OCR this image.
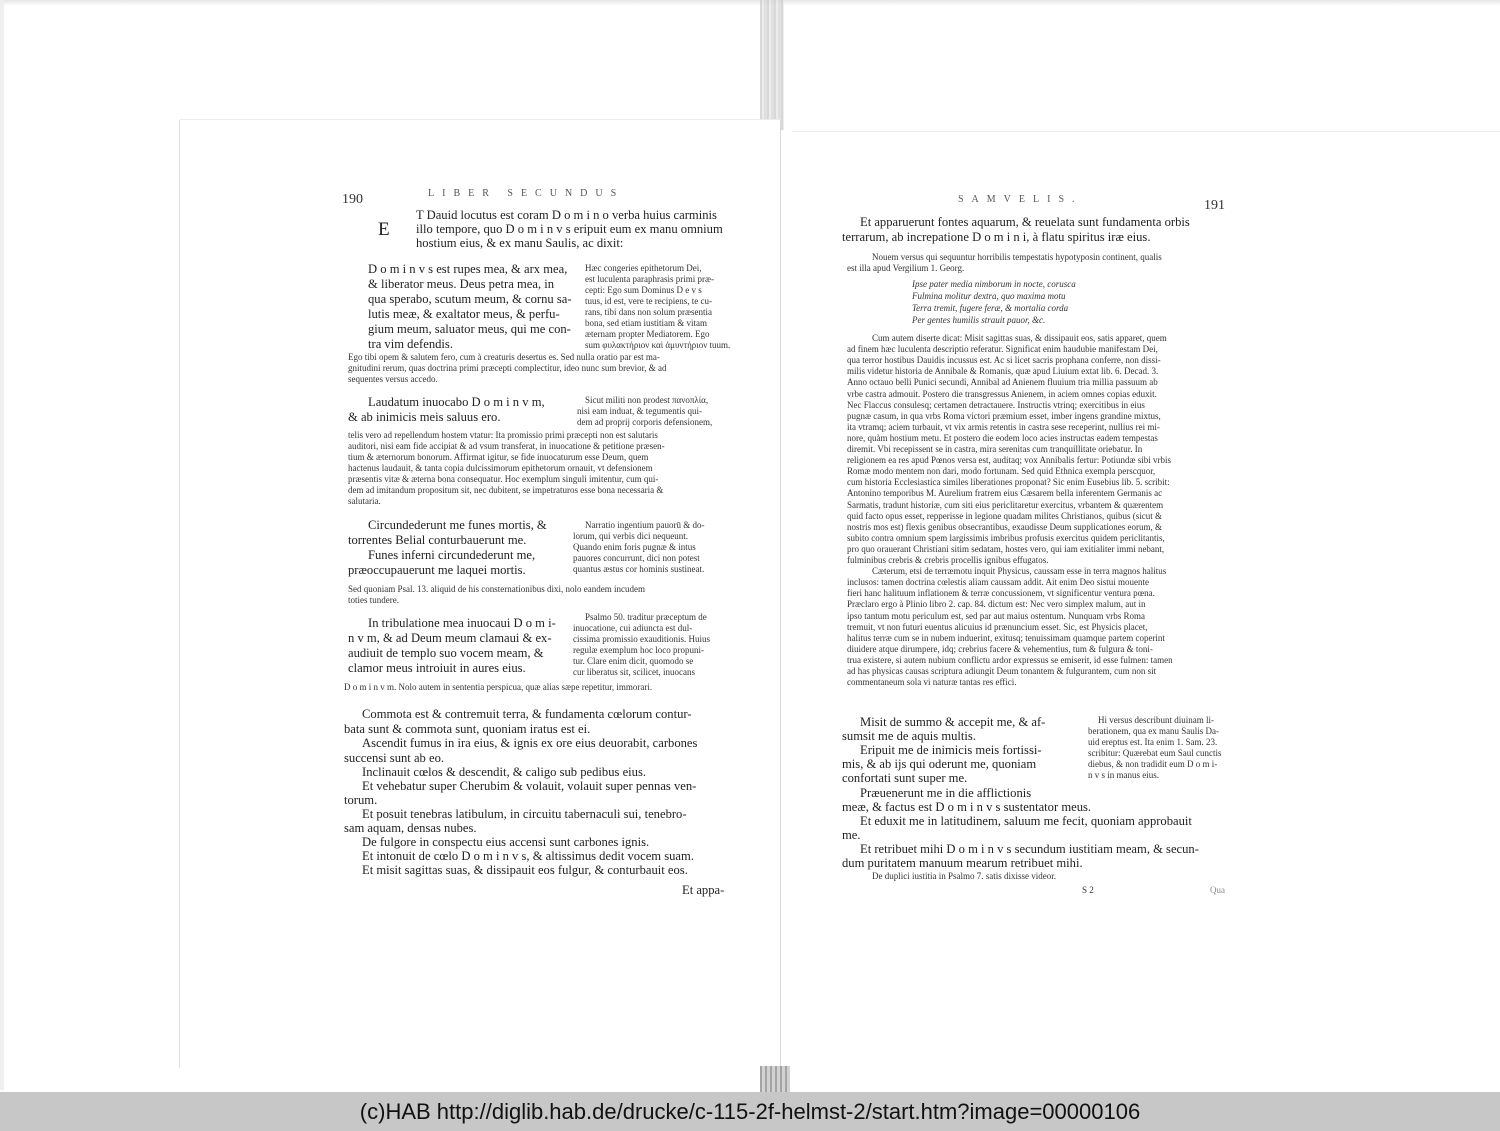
190	LIBER SECUNDUS
E
T Dauid locutus est coram D o m i n o verba huius carminis
illo tempore, quo D o m i n v s eripuit eum ex manu omnium
hostium eius, & ex manu Saulis, ac dixit:
D o m i n v s est rupes mea, & arx mea,
& liberator meus. Deus petra mea, in
qua sperabo, scutum meum, & cornu sa-
lutis meæ, & exaltator meus, & perfu-
gium meum, saluator meus, qui me con-
tra vim defendis.
Hæc congeries epithetorum Dei,
est luculenta paraphrasis primi præ-
cepti: Ego sum Dominus D e v s
tuus, id est, vere te recipiens, te cu-
rans, tibi dans non solum præsentia
bona, sed etiam iustitiam & vitam
æternam propter Mediatorem. Ego
sum φυλακτήριον καὶ ἀμυντήριον tuum.
Ego tibi opem & salutem fero, cum à creaturis desertus es. Sed nulla oratio par est ma-
gnitudini rerum, quas doctrina primi præcepti complectitur, ideo nunc sum brevior, & ad
sequentes versus accedo.
Laudatum inuocabo D o m i n v m,
& ab inimicis meis saluus ero.
Sicut militi non prodest πανοπλία,
nisi eam induat, & tegumentis qui-
dem ad proprij corporis defensionem,
telis vero ad repellendum hostem vtatur: Ita promissio primi præcepti non est salutaris
auditori, nisi eam fide accipiat & ad vsum transferat, in inuocatione & petitione præsen-
tium & æternorum bonorum. Affirmat igitur, se fide inuocaturum esse Deum, quem
hactenus laudauit, & tanta copia dulcissimorum epithetorum ornauit, vt defensionem
præsentis vitæ & æterna bona consequatur. Hoc exemplum singuli imitentur, cum qui-
dem ad imitandum propositum sit, nec dubitent, se impetraturos esse bona necessaria &
salutaria.
Circundederunt me funes mortis, &
torrentes Belial conturbauerunt me.
Funes inferni circundederunt me,
præoccupauerunt me laquei mortis.
Narratio ingentium pauorū & do-
lorum, qui verbis dici nequeunt.
Quando enim foris pugnæ & intus
pauores concurrunt, dici non potest
quantus æstus cor hominis sustineat.
Sed quoniam Psal. 13. aliquid de his consternationibus dixi, nolo eandem incudem
toties tundere.
In tribulatione mea inuocaui D o m i-
n v m, & ad Deum meum clamaui & ex-
audiuit de templo suo vocem meam, &
clamor meus introiuit in aures eius.
Psalmo 50. traditur præceptum de
inuocatione, cui adiuncta est dul-
cissima promissio exauditionis. Huius
regulæ exemplum hoc loco propuni-
tur. Clare enim dicit, quomodo se
cur liberatus sit, scilicet, inuocans
D o m i n v m. Nolo autem in sententia perspicua, quæ alias sæpe repetitur, immorari.
Commota est & contremuit terra, & fundamenta cœlorum contur-
bata sunt & commota sunt, quoniam iratus est ei.
Ascendit fumus in ira eius, & ignis ex ore eius deuorabit, carbones
succensi sunt ab eo.
Inclinauit cœlos & descendit, & caligo sub pedibus eius.
Et vehebatur super Cherubim & volauit, volauit super pennas ven-
torum.
Et posuit tenebras latibulum, in circuitu tabernaculi sui, tenebro-
sam aquam, densas nubes.
De fulgore in conspectu eius accensi sunt carbones ignis.
Et intonuit de cœlo D o m i n v s, & altissimus dedit vocem suam.
Et misit sagittas suas, & dissipauit eos fulgur, & conturbauit eos.
Et appa-
SAMVELIS.	191
Et apparuerunt fontes aquarum, & reuelata sunt fundamenta orbis
terrarum, ab increpatione D o m i n i, à flatu spiritus iræ eius.
Nouem versus qui sequuntur horribilis tempestatis hypotyposin continent, qualis
est illa apud Vergilium 1. Georg.
Ipse pater media nimborum in nocte, corusca
Fulmina molitur dextra, quo maxima motu
Terra tremit, fugere feræ, & mortalia corda
Per gentes humilis strauit pauor, &c.
Cum autem diserte dicat: Misit sagittas suas, & dissipauit eos, satis apparet, quem
ad finem hæc luculenta descriptio referatur. Significat enim haudubie manifestam Dei,
qua terror hostibus Dauidis incussus est. Ac si licet sacris prophana conferre, non dissi-
milis videtur historia de Annibale & Romanis, quæ apud Liuium extat lib. 6. Decad. 3.
Anno octauo belli Punici secundi, Annibal ad Anienem fluuium tria millia passuum ab
vrbe castra admouit. Postero die transgressus Anienem, in aciem omnes copias eduxit.
Nec Flaccus consulesq; certamen detractauere. Instructis vtrinq; exercitibus in eius
pugnæ casum, in qua vrbs Roma victori præmium esset, imber ingens grandine mixtus,
ita vtramq; aciem turbauit, vt vix armis retentis in castra sese receperint, nullius rei mi-
nore, quàm hostium metu. Et postero die eodem loco acies instructas eadem tempestas
diremit. Vbi recepissent se in castra, mira serenitas cum tranquillitate oriebatur. In
religionem ea res apud Pœnos versa est, auditaq; vox Annibalis fertur: Potiundæ sibi vrbis
Romæ modo mentem non dari, modo fortunam. Sed quid Ethnica exempla perscquor,
cum historia Ecclesiastica similes liberationes proponat? Sic enim Eusebius lib. 5. scribit:
Antonino temporibus M. Aurelium fratrem eius Cæsarem bella inferentem Germanis ac
Sarmatis, tradunt historiæ, cum siti eius periclitaretur exercitus, vrbantem & quærentem
quid facto opus esset, repperisse in legione quadam milites Christianos, quibus (sicut &
nostris mos est) flexis genibus obsecrantibus, exaudisse Deum supplicationes eorum, &
subito contra omnium spem largissimis imbribus profusis exercitus quidem periclitantis,
pro quo orauerant Christiani sitim sedatam, hostes vero, qui iam exitialiter immi nebant,
fulminibus crebris & crebris procellis ignibus effugatos.
Cæterum, etsi de terræmotu inquit Physicus, caussam esse in terra magnos halitus
inclusos: tamen doctrina cœlestis aliam caussam addit. Ait enim Deo sistui mouente
fieri hanc halituum inflationem & terræ concussionem, vt significentur ventura pœna.
Præclaro ergo à Plinio libro 2. cap. 84. dictum est: Nec vero simplex malum, aut in
ipso tantum motu periculum est, sed par aut maius ostentum. Nunquam vrbs Roma
tremuit, vt non futuri euentus alicuius id prænuncium esset. Sic, est Physicis placet,
halitus terræ cum se in nubem induerint, exitusq; tenuissimam quamque partem coperint
diuidere atque dirumpere, idq; crebrius facere & vehementius, tum & fulgura & toni-
trua existere, si autem nubium conflictu ardor expressus se emiserit, id esse fulmen: tamen
ad has physicas causas scriptura adiungit Deum tonantem & fulgurantem, cum non sit
commentaneum sola vi naturæ tantas res effici.
Misit de summo & accepit me, & af-
sumsit me de aquis multis.
Eripuit me de inimicis meis fortissi-
mis, & ab ijs qui oderunt me, quoniam
confortati sunt super me.
Hi versus describunt diuinam li-
berationem, qua ex manu Saulis Da-
uid ereptus est. Ita enim 1. Sam. 23.
scribitur: Quærebat eum Saul cunctis
diebus, & non tradidit eum D o m i-
n v s in manus eius.
Præuenerunt me in die afflictionis
meæ, & factus est D o m i n v s sustentator meus.
Et eduxit me in latitudinem, saluum me fecit, quoniam approbauit
me.
Et retribuet mihi D o m i n v s secundum iustitiam meam, & secun-
dum puritatem manuum mearum retribuet mihi.
De duplici iustitia in Psalmo 7. satis dixisse videor.
S 2	Qua
(c)HAB http://diglib.hab.de/drucke/c-115-2f-helmst-2/start.htm?image=00000106
